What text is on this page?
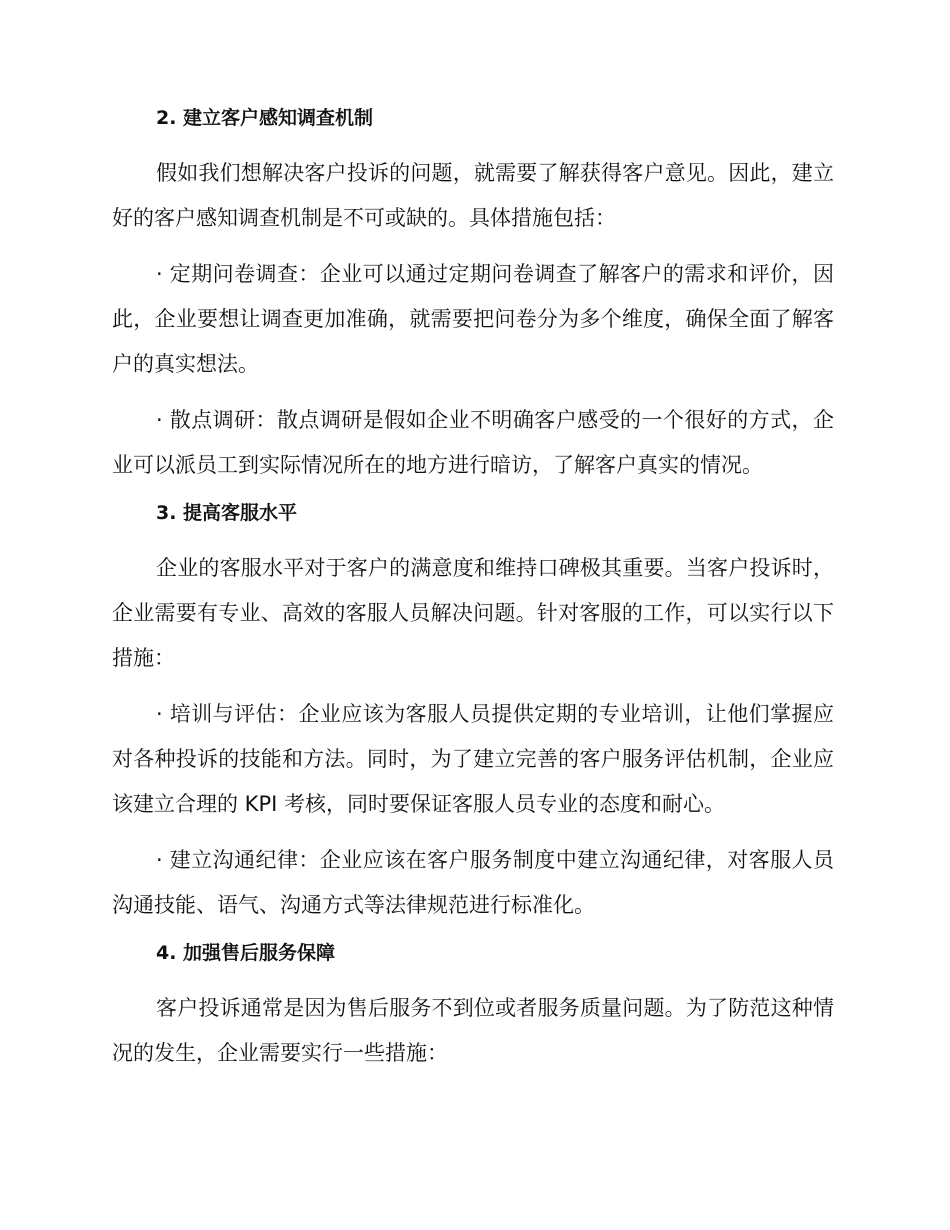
2. 建立客户感知调查机制

假如我们想解决客户投诉的问题，就需要了解获得客户意见。因此，建立好的客户感知调查机制是不可或缺的。具体措施包括：

· 定期问卷调查：企业可以通过定期问卷调查了解客户的需求和评价，因此，企业要想让调查更加准确，就需要把问卷分为多个维度，确保全面了解客户的真实想法。

· 散点调研：散点调研是假如企业不明确客户感受的一个很好的方式，企业可以派员工到实际情况所在的地方进行暗访，了解客户真实的情况。

3. 提高客服水平

企业的客服水平对于客户的满意度和维持口碑极其重要。当客户投诉时，企业需要有专业、高效的客服人员解决问题。针对客服的工作，可以实行以下措施：

· 培训与评估：企业应该为客服人员提供定期的专业培训，让他们掌握应对各种投诉的技能和方法。同时，为了建立完善的客户服务评估机制，企业应该建立合理的 KPI 考核，同时要保证客服人员专业的态度和耐心。

· 建立沟通纪律：企业应该在客户服务制度中建立沟通纪律，对客服人员沟通技能、语气、沟通方式等法律规范进行标准化。

4. 加强售后服务保障

客户投诉通常是因为售后服务不到位或者服务质量问题。为了防范这种情况的发生，企业需要实行一些措施：
